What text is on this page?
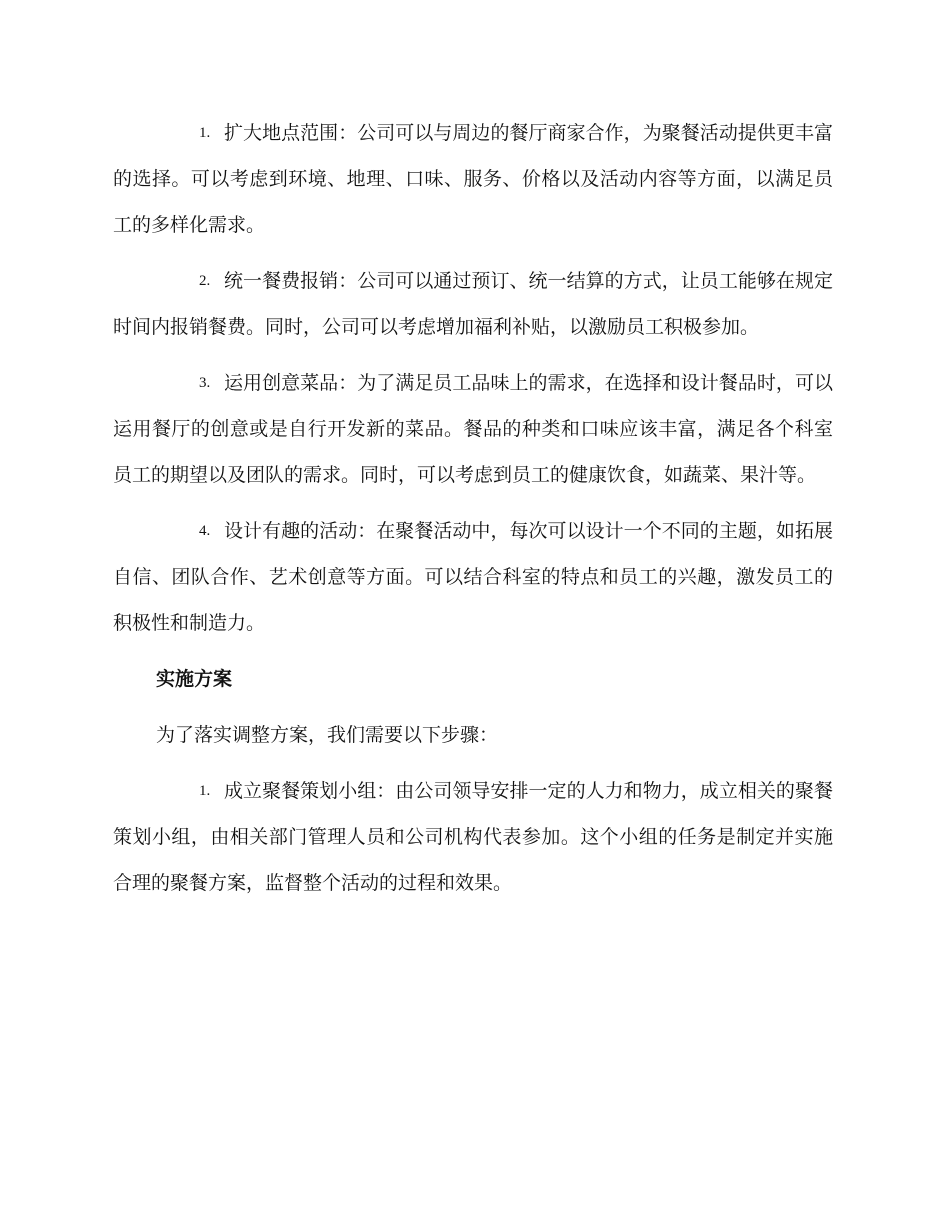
1. 扩大地点范围：公司可以与周边的餐厅商家合作，为聚餐活动提供更丰富的选择。可以考虑到环境、地理、口味、服务、价格以及活动内容等方面，以满足员工的多样化需求。

2. 统一餐费报销：公司可以通过预订、统一结算的方式，让员工能够在规定时间内报销餐费。同时，公司可以考虑增加福利补贴，以激励员工积极参加。

3. 运用创意菜品：为了满足员工品味上的需求，在选择和设计餐品时，可以运用餐厅的创意或是自行开发新的菜品。餐品的种类和口味应该丰富，满足各个科室员工的期望以及团队的需求。同时，可以考虑到员工的健康饮食，如蔬菜、果汁等。

4. 设计有趣的活动：在聚餐活动中，每次可以设计一个不同的主题，如拓展自信、团队合作、艺术创意等方面。可以结合科室的特点和员工的兴趣，激发员工的积极性和制造力。

实施方案

为了落实调整方案，我们需要以下步骤：

1. 成立聚餐策划小组：由公司领导安排一定的人力和物力，成立相关的聚餐策划小组，由相关部门管理人员和公司机构代表参加。这个小组的任务是制定并实施合理的聚餐方案，监督整个活动的过程和效果。
